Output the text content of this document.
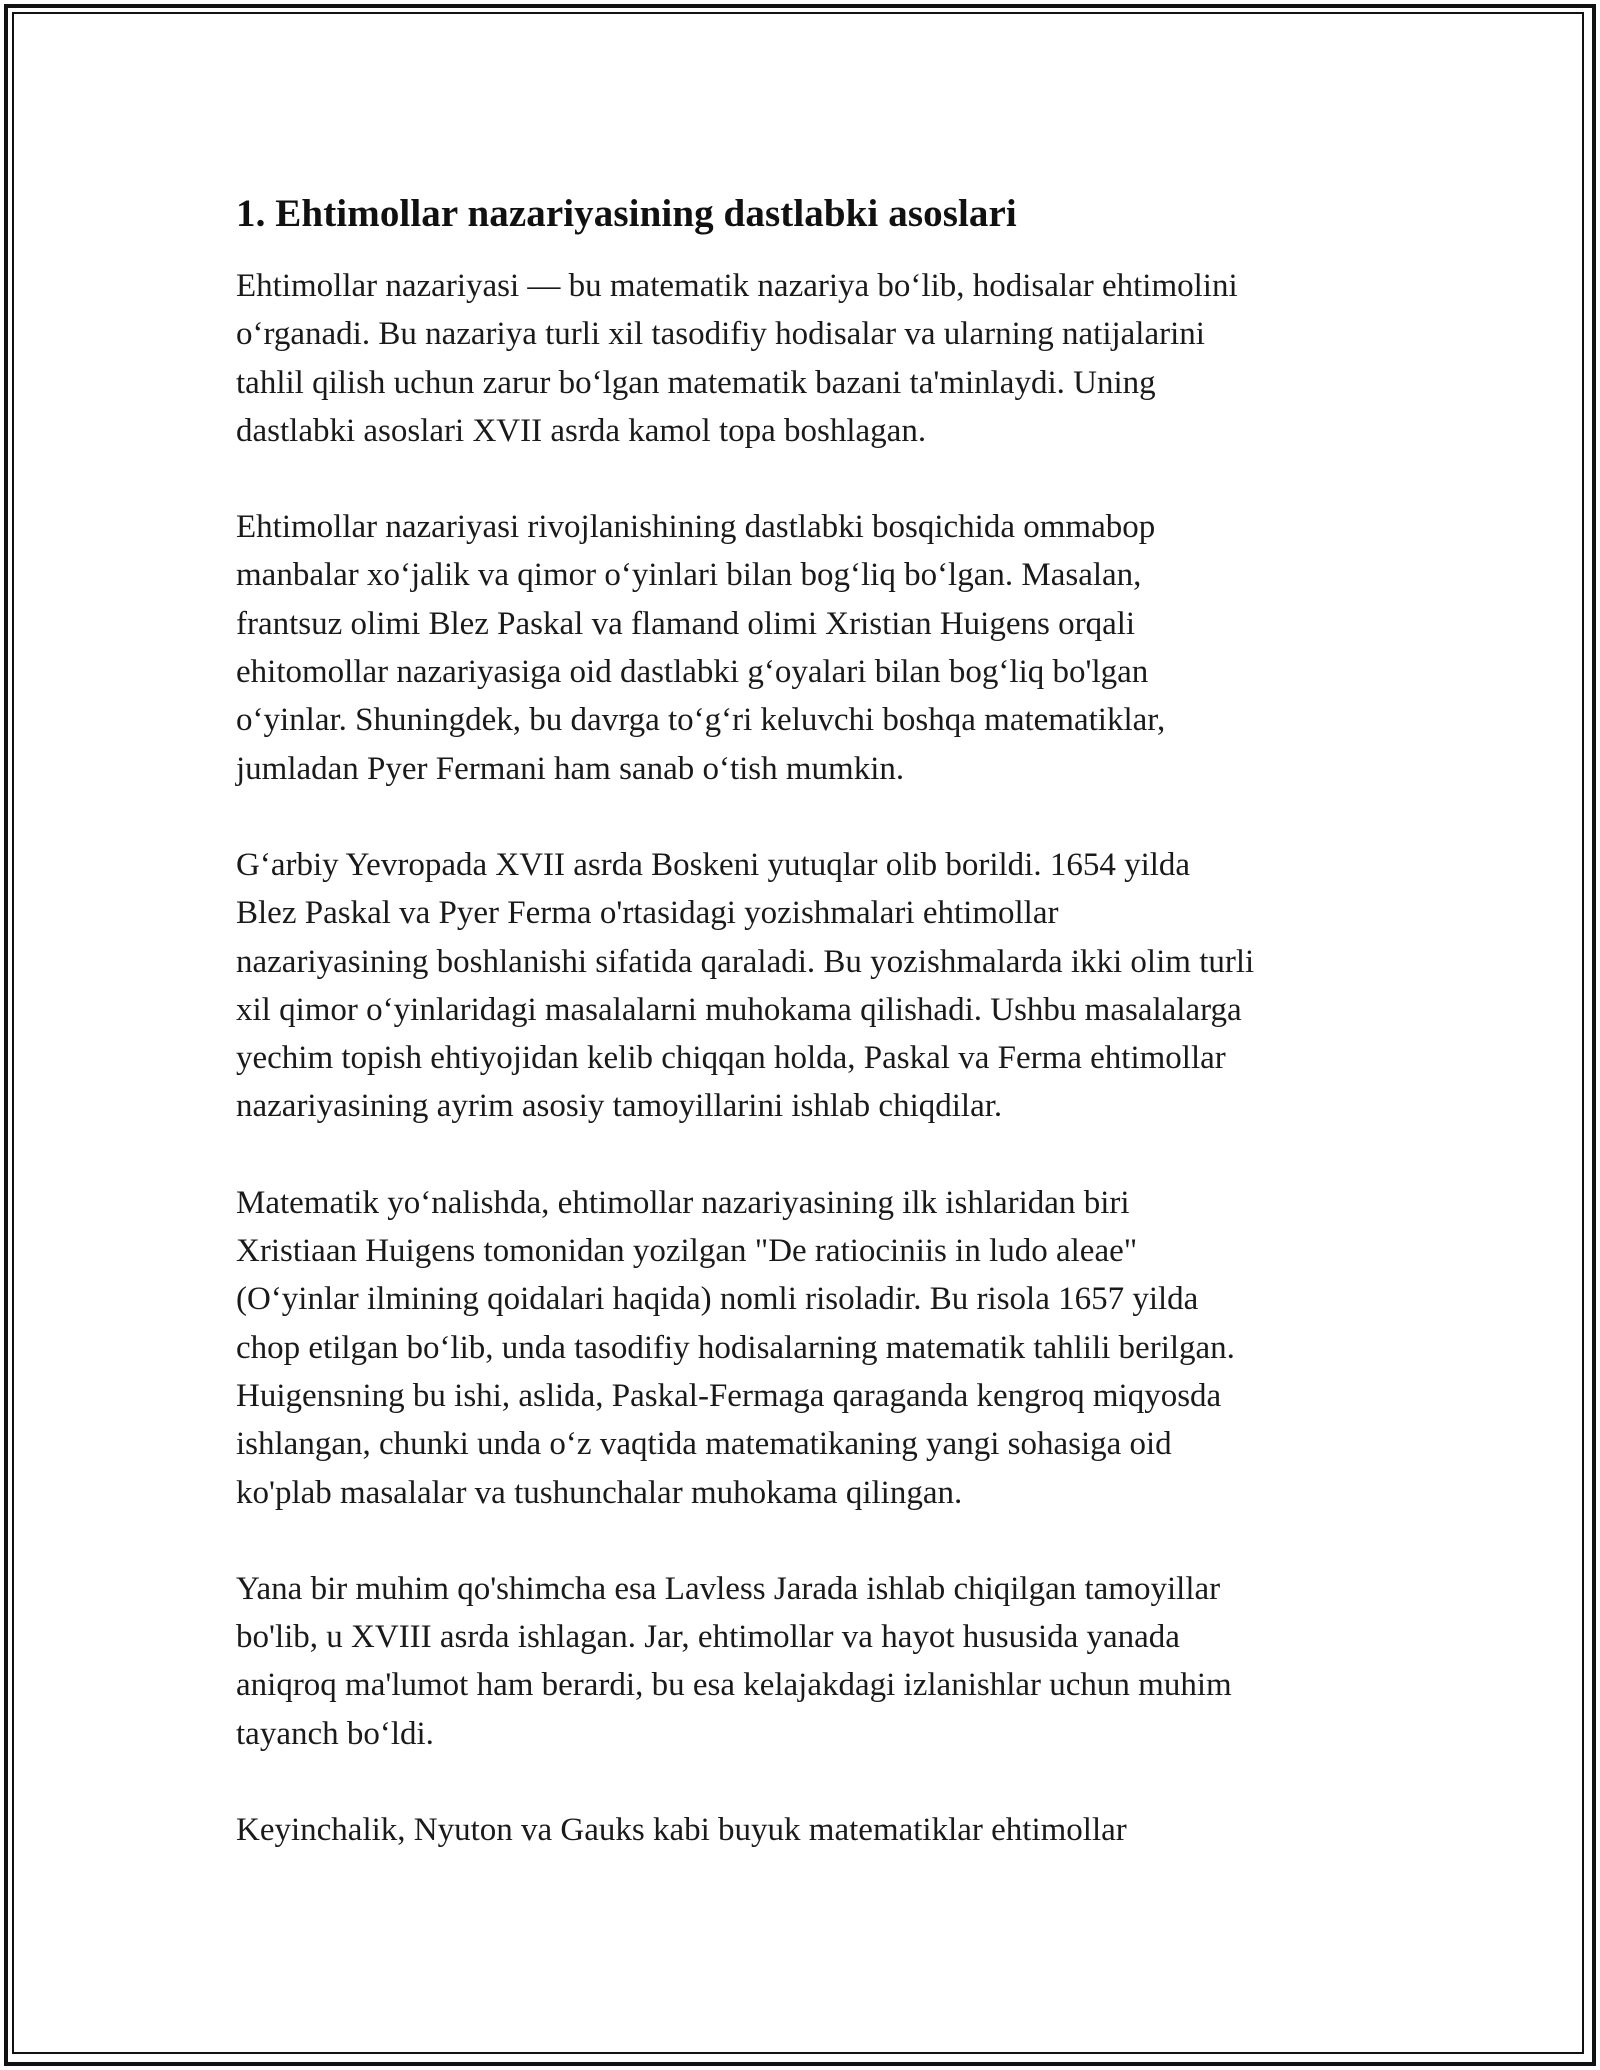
1. Ehtimollar nazariyasining dastlabki asoslari

Ehtimollar nazariyasi — bu matematik nazariya boʻlib, hodisalar ehtimolini
oʻrganadi. Bu nazariya turli xil tasodifiy hodisalar va ularning natijalarini
tahlil qilish uchun zarur boʻlgan matematik bazani ta'minlaydi. Uning
dastlabki asoslari XVII asrda kamol topa boshlagan.

Ehtimollar nazariyasi rivojlanishining dastlabki bosqichida ommabop
manbalar xoʻjalik va qimor oʻyinlari bilan bogʻliq boʻlgan. Masalan,
frantsuz olimi Blez Paskal va flamand olimi Xristian Huigens orqali
ehitomollar nazariyasiga oid dastlabki gʻoyalari bilan bogʻliq bo'lgan
oʻyinlar. Shuningdek, bu davrga toʻgʻri keluvchi boshqa matematiklar,
jumladan Pyer Fermani ham sanab oʻtish mumkin.

Gʻarbiy Yevropada XVII asrda Boskeni yutuqlar olib borildi. 1654 yilda
Blez Paskal va Pyer Ferma o'rtasidagi yozishmalari ehtimollar
nazariyasining boshlanishi sifatida qaraladi. Bu yozishmalarda ikki olim turli
xil qimor oʻyinlaridagi masalalarni muhokama qilishadi. Ushbu masalalarga
yechim topish ehtiyojidan kelib chiqqan holda, Paskal va Ferma ehtimollar
nazariyasining ayrim asosiy tamoyillarini ishlab chiqdilar.

Matematik yoʻnalishda, ehtimollar nazariyasining ilk ishlaridan biri
Xristiaan Huigens tomonidan yozilgan "De ratiociniis in ludo aleae"
(Oʻyinlar ilmining qoidalari haqida) nomli risoladir. Bu risola 1657 yilda
chop etilgan boʻlib, unda tasodifiy hodisalarning matematik tahlili berilgan.
Huigensning bu ishi, aslida, Paskal-Fermaga qaraganda kengroq miqyosda
ishlangan, chunki unda oʻz vaqtida matematikaning yangi sohasiga oid
ko'plab masalalar va tushunchalar muhokama qilingan.

Yana bir muhim qo'shimcha esa Lavless Jarada ishlab chiqilgan tamoyillar
bo'lib, u XVIII asrda ishlagan. Jar, ehtimollar va hayot hususida yanada
aniqroq ma'lumot ham berardi, bu esa kelajakdagi izlanishlar uchun muhim
tayanch boʻldi.

Keyinchalik, Nyuton va Gauks kabi buyuk matematiklar ehtimollar
